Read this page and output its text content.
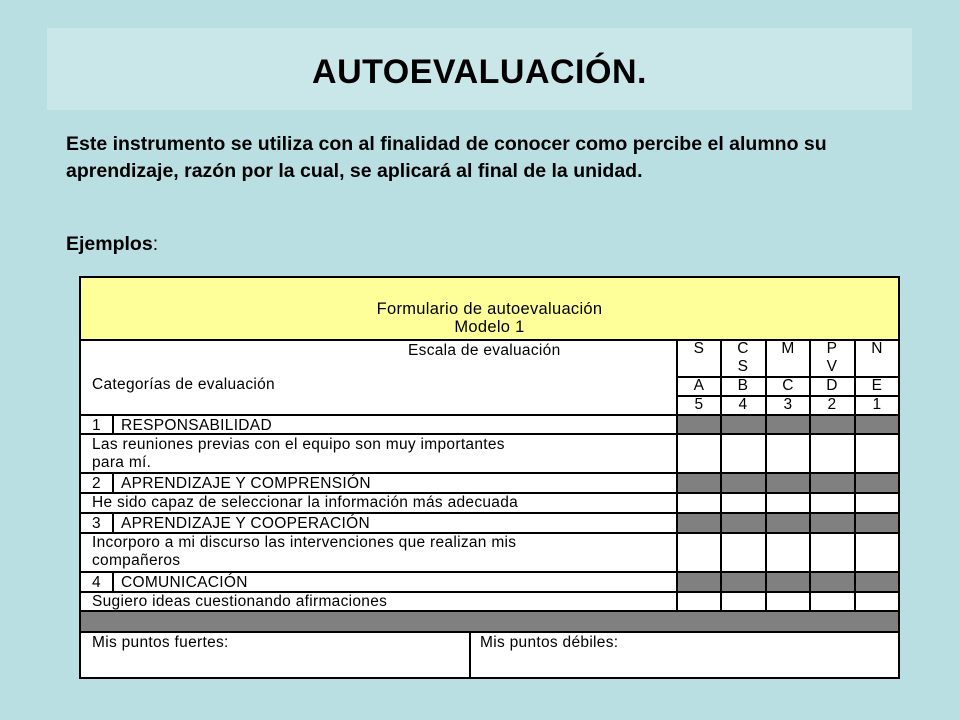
AUTOEVALUACIÓN.

Este instrumento se utiliza con al finalidad de conocer como percibe el alumno su aprendizaje, razón por la cual, se aplicará al final de la unidad.

Ejemplos:
Formulario de autoevaluación
Modelo 1
Escala de evaluación
Categorías de evaluación
S
A
5
C
S
B
4
M
C
3
P
V
D
2
N
E
1
1 RESPONSABILIDAD
Las reuniones previas con el equipo son muy importantes
para mí.
2 APRENDIZAJE Y COMPRENSIÓN
He sido capaz de seleccionar la información más adecuada
3 APRENDIZAJE Y COOPERACIÓN
Incorporo a mi discurso las intervenciones que realizan mis
compañeros
4 COMUNICACIÓN
Sugiero ideas cuestionando afirmaciones
Mis puntos fuertes:	Mis puntos débiles:
